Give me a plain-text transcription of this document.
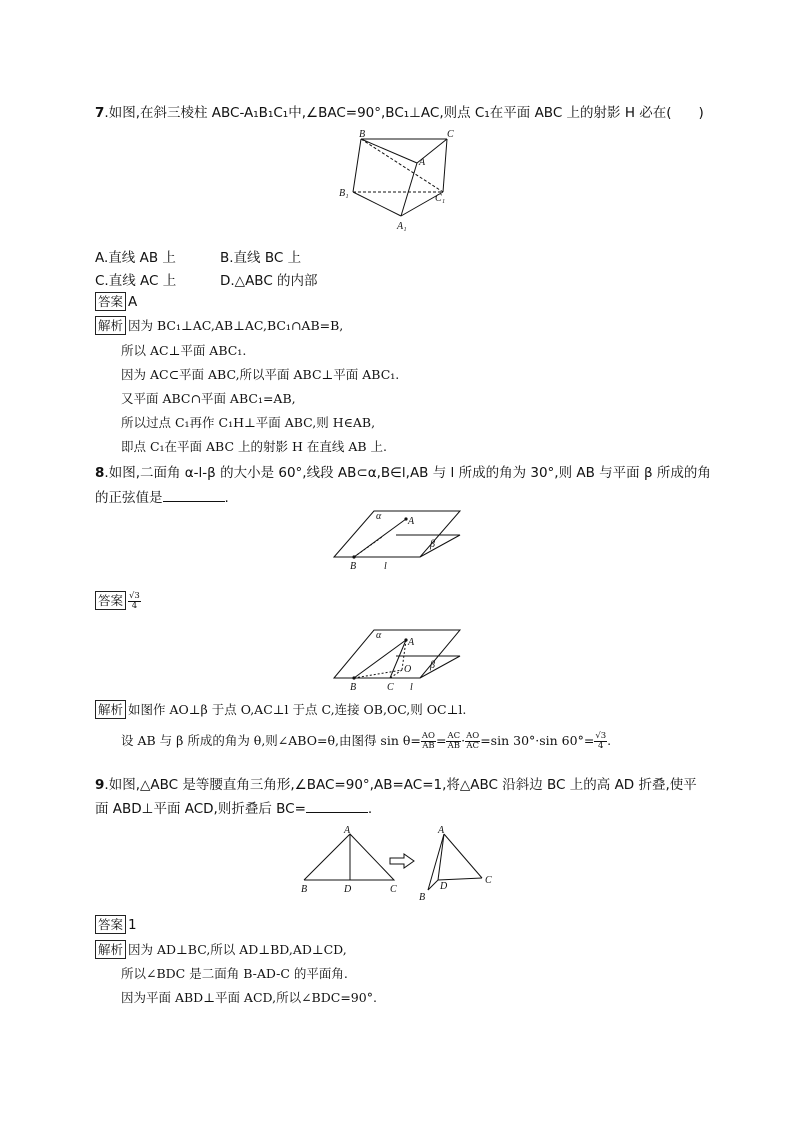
7.如图,在斜三棱柱 ABC-A₁B₁C₁中,∠BAC=90°,BC₁⊥AC,则点 C₁在平面 ABC 上的射影 H 必在(　　)
B	C
A
B₁	C₁
A₁
A.直线 AB 上	B.直线 BC 上
C.直线 AC 上	D.△ABC 的内部
答案 A
解析 因为 BC₁⊥AC,AB⊥AC,BC₁∩AB=B,
所以 AC⊥平面 ABC₁.
因为 AC⊂平面 ABC,所以平面 ABC⊥平面 ABC₁.
又平面 ABC∩平面 ABC₁=AB,
所以过点 C₁再作 C₁H⊥平面 ABC,则 H∈AB,
即点 C₁在平面 ABC 上的射影 H 在直线 AB 上.
8.如图,二面角 α-l-β 的大小是 60°,线段 AB⊂α,B∈l,AB 与 l 所成的角为 30°,则 AB 与平面 β 所成的角
的正弦值是	.
α	A
β
B	l
答案 $\frac{√3}{4}$
α
A
O β
B	C l
解析 如图作 AO⊥β 于点 O,AC⊥l 于点 C,连接 OB,OC,则 OC⊥l.
设 AB 与 β 所成的角为 θ,则∠ABO=θ,由图得 $\sin \theta= \frac{AO}{AB} = \frac{AC}{AB} \cdot \frac{AO}{AC} =\sin$ 30°·sin $60^\circ= \frac{√3}{4}$ .
9.如图,△ABC 是等腰直角三角形,∠BAC=90°,AB=AC=1,将△ABC 沿斜边 BC 上的高 AD 折叠,使平
面 ABD⊥平面 ACD,则折叠后 BC=	.
A
B	D	C
A
D
C
B
答案 1
解析 因为 AD⊥BC,所以 AD⊥BD,AD⊥CD,
所以∠BDC 是二面角 B-AD-C 的平面角.
因为平面 ABD⊥平面 ACD,所以∠BDC=90°.
